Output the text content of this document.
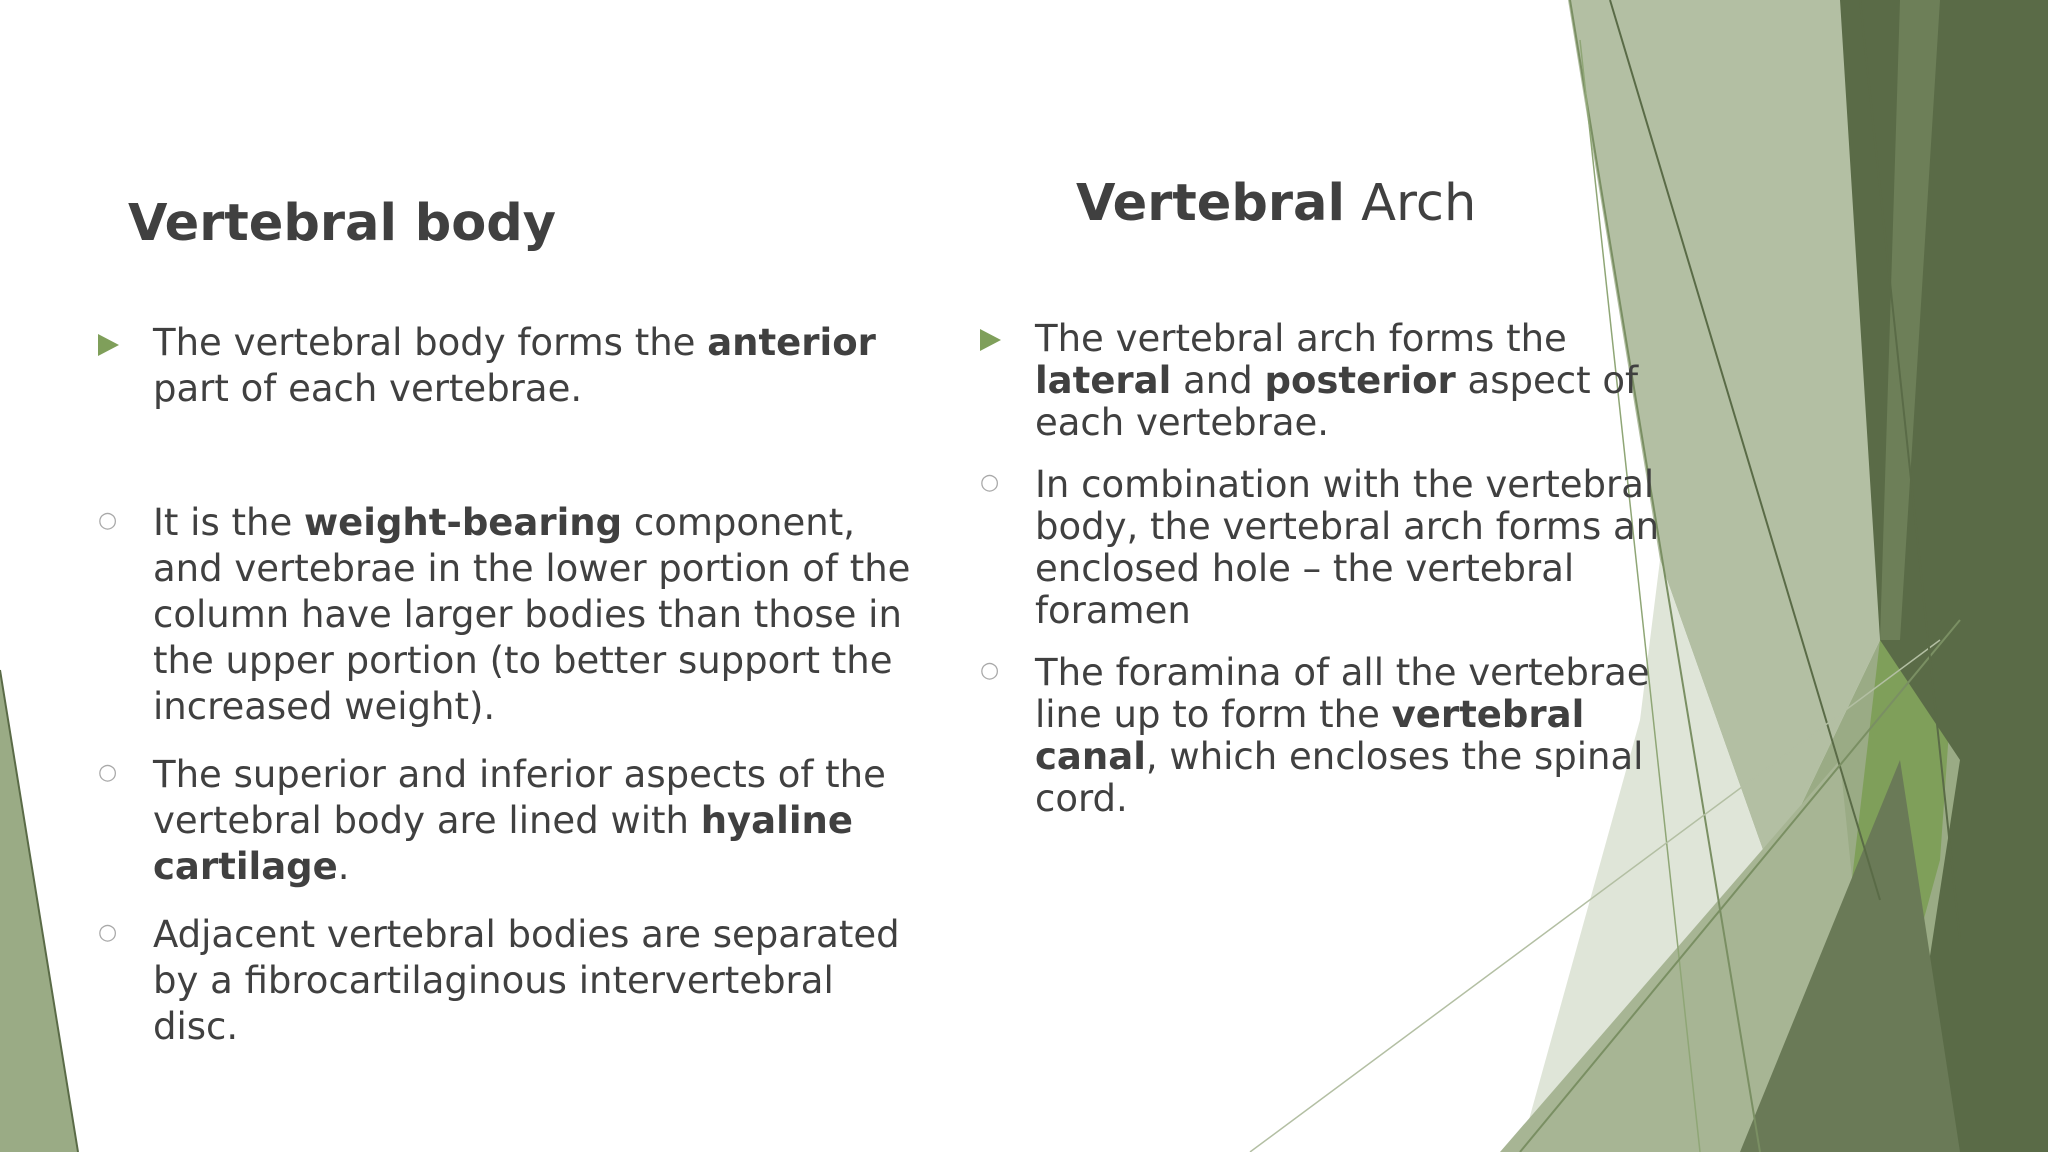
Vertebral body	Vertebral Arch
The vertebral body forms the anterior part of each vertebrae.
○ It is the weight-bearing component, and vertebrae in the lower portion of the column have larger bodies than those in the upper portion (to better support the increased weight).
○ The superior and inferior aspects of the vertebral body are lined with hyaline cartilage.
○ Adjacent vertebral bodies are separated by a fibrocartilaginous intervertebral disc.
The vertebral arch forms the lateral and posterior aspect of each vertebrae.
○ In combination with the vertebral body, the vertebral arch forms an enclosed hole – the vertebral foramen
○ The foramina of all the vertebrae line up to form the vertebral canal, which encloses the spinal cord.
